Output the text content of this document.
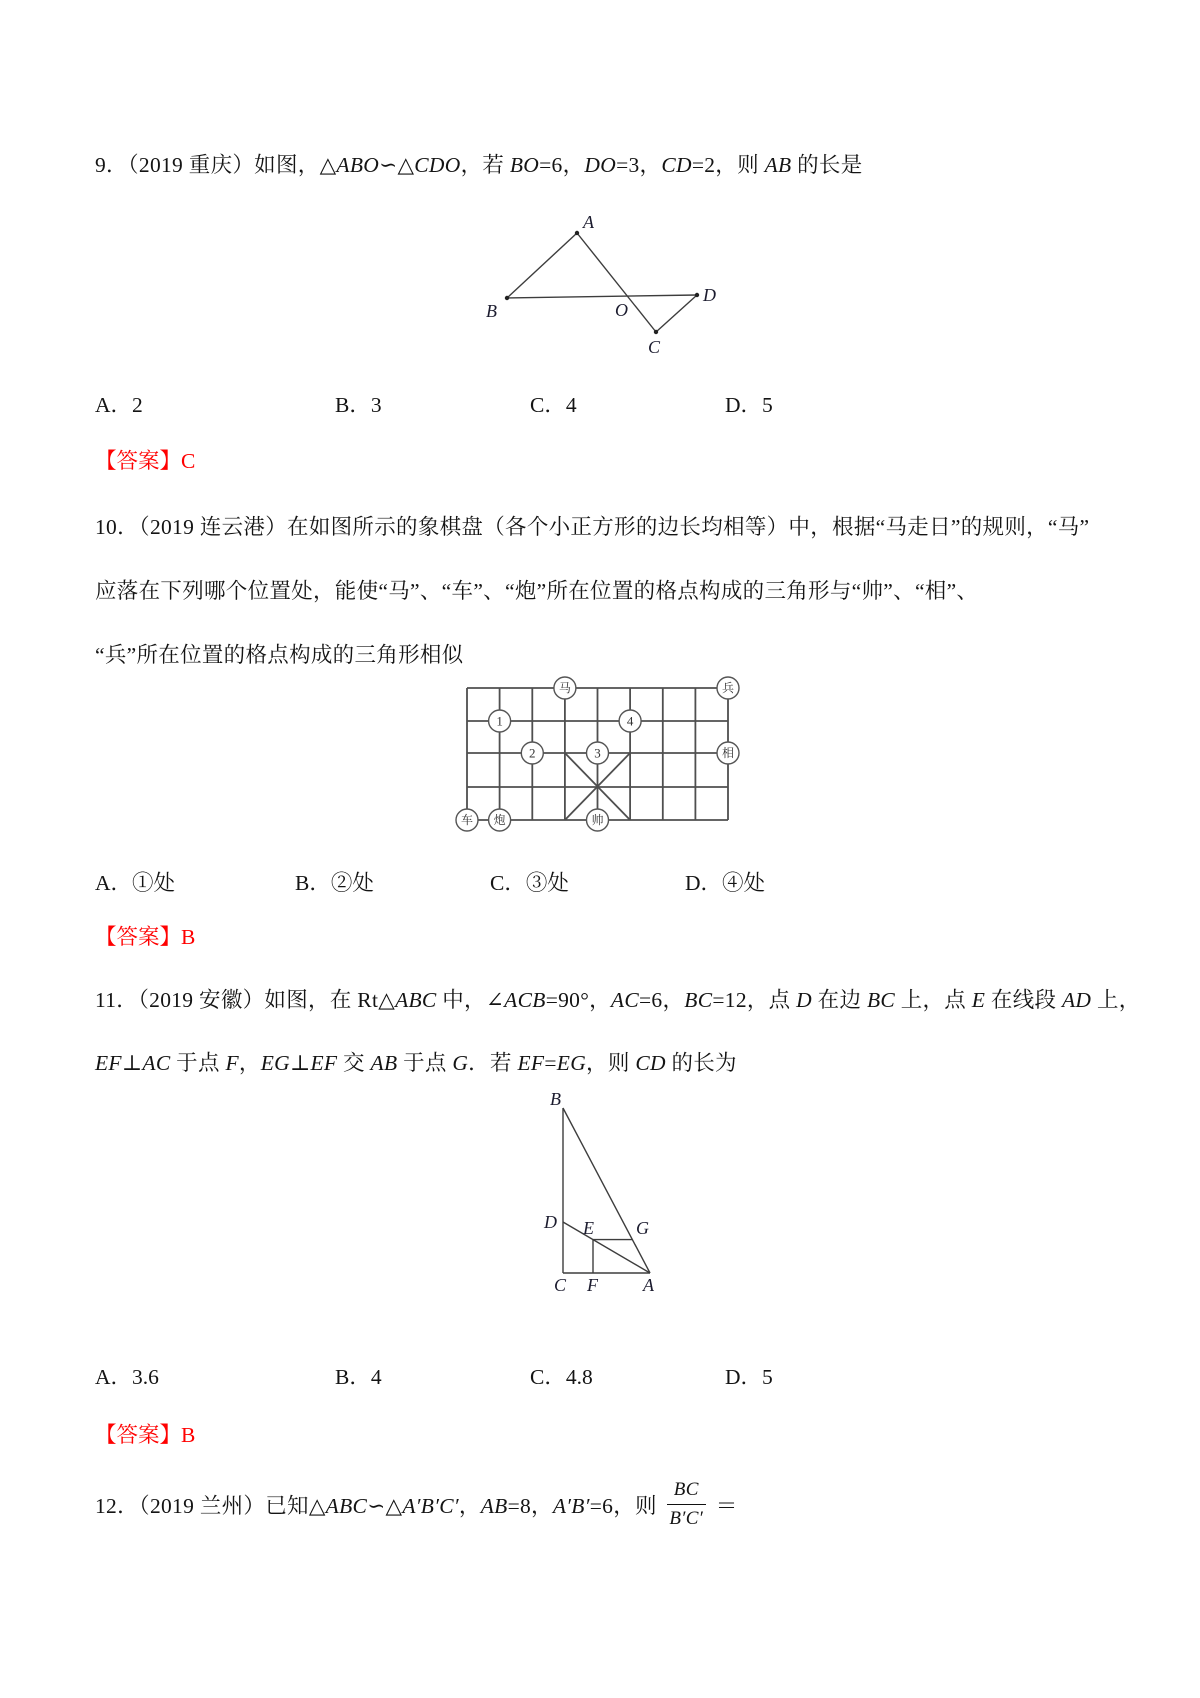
9．（2019 重庆）如图，△ABO∽△CDO，若 BO=6，DO=3，CD=2，则 AB 的长是
A
B	O
D
C
A．2	B．3	C．4	D．5
【答案】C
10．（2019 连云港）在如图所示的象棋盘（各个小正方形的边长均相等）中，根据“马走日”的规则，“马”
应落在下列哪个位置处，能使“马”、“车”、“炮”所在位置的格点构成的三角形与“帅”、“相”、
“兵”所在位置的格点构成的三角形相似
马	兵
1	4
2	3	相
车 炮	帅
A．①处	B．②处	C．③处	D．④处
【答案】B
11．（2019 安徽）如图，在 Rt△ABC 中，∠ACB=90°，AC=6，BC=12，点 D 在边 BC 上，点 E 在线段 AD 上，
EF⊥AC 于点 F，EG⊥EF 交 AB 于点 G．若 EF=EG，则 CD 的长为
B
D E G
C F	A
A．3.6	B．4	C．4.8	D．5
【答案】B
12．（2019 兰州）已知△ABC∽△A′B′C′，AB=8，A′B′=6，则 $\frac{BC}{B'C'}$ ＝
